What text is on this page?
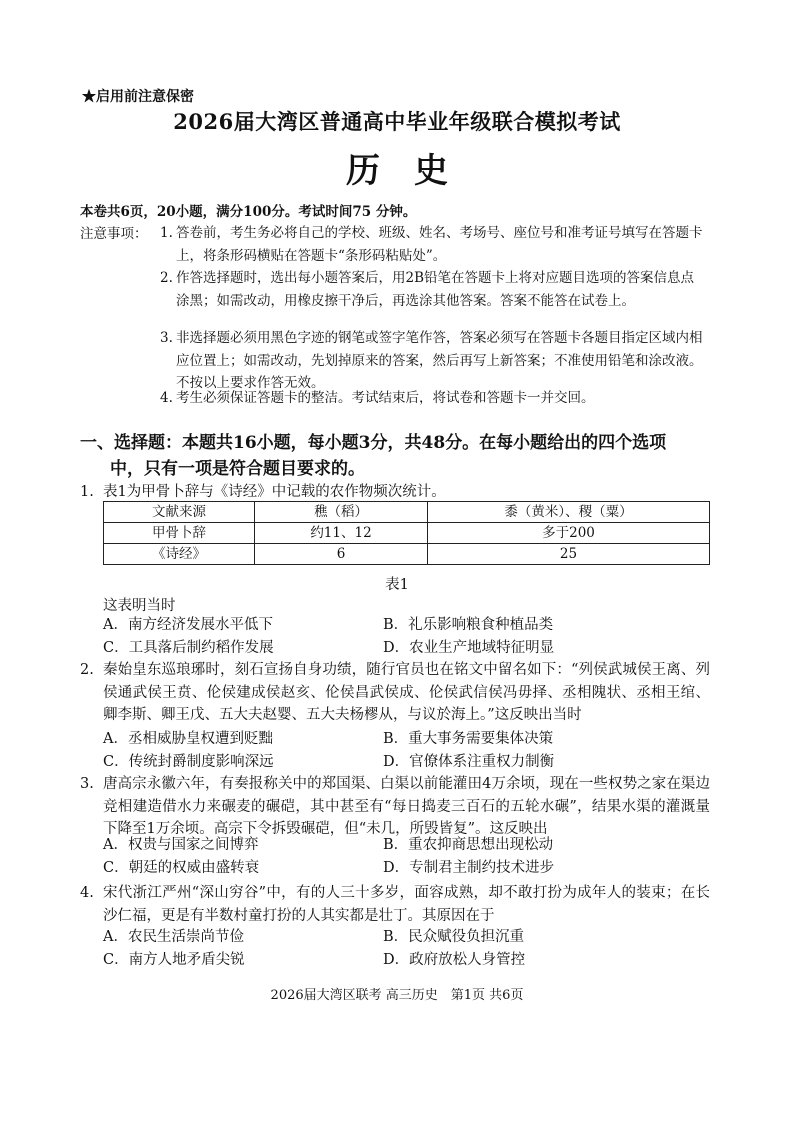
★启用前注意保密
2026届大湾区普通高中毕业年级联合模拟考试
历史
本卷共6页，20小题，满分100分。考试时间75 分钟。
注意事项： 1. 答卷前，考生务必将自己的学校、班级、姓名、考场号、座位号和准考证号填写在答题卡上，将条形码横贴在答题卡“条形码粘贴处”。
2. 作答选择题时，选出每小题答案后，用2B铅笔在答题卡上将对应题目选项的答案信息点涂黑；如需改动，用橡皮擦干净后，再选涂其他答案。答案不能答在试卷上。
3. 非选择题必须用黑色字迹的钢笔或签字笔作答，答案必须写在答题卡各题目指定区域内相应位置上；如需改动，先划掉原来的答案，然后再写上新答案；不准使用铅笔和涂改液。不按以上要求作答无效。
4. 考生必须保证答题卡的整洁。考试结束后，将试卷和答题卡一并交回。
一、选择题：本题共16小题，每小题3分，共48分。在每小题给出的四个选项
中，只有一项是符合题目要求的。
1. 表1为甲骨卜辞与《诗经》中记载的农作物频次统计。
文献来源	穛（稻）	黍（黄米）、稷（粟）
甲骨卜辞	约11、12	多于200
《诗经》	6	25
表1
这表明当时
A．南方经济发展水平低下	B．礼乐影响粮食种植品类
C．工具落后制约稻作发展	D．农业生产地域特征明显
2. 秦始皇东巡琅琊时，刻石宣扬自身功绩，随行官员也在铭文中留名如下：“列侯武城侯王离、列侯通武侯王贲、伦侯建成侯赵亥、伦侯昌武侯成、伦侯武信侯冯毋择、丞相隗状、丞相王绾、卿李斯、卿王戊、五大夫赵婴、五大夫杨樛从，与议於海上。”这反映出当时
A．丞相威胁皇权遭到贬黜	B．重大事务需要集体决策
C．传统封爵制度影响深远	D．官僚体系注重权力制衡
3. 唐高宗永徽六年，有奏报称关中的郑国渠、白渠以前能灌田4万余顷，现在一些权势之家在渠边竞相建造借水力来碾麦的碾硙，其中甚至有“每日捣麦三百石的五轮水碾”，结果水渠的灌溉量下降至1万余顷。高宗下令拆毁碾硙，但“未几，所毁皆复”。这反映出
A．权贵与国家之间博弈	B．重农抑商思想出现松动
C．朝廷的权威由盛转衰	D．专制君主制约技术进步
4. 宋代浙江严州“深山穷谷”中，有的人三十多岁，面容成熟，却不敢打扮为成年人的装束；在长沙仁福，更是有半数村童打扮的人其实都是壮丁。其原因在于
A．农民生活崇尚节俭	B．民众赋役负担沉重
C．南方人地矛盾尖锐	D．政府放松人身管控
2026届大湾区联考 高三历史　第1页 共6页
